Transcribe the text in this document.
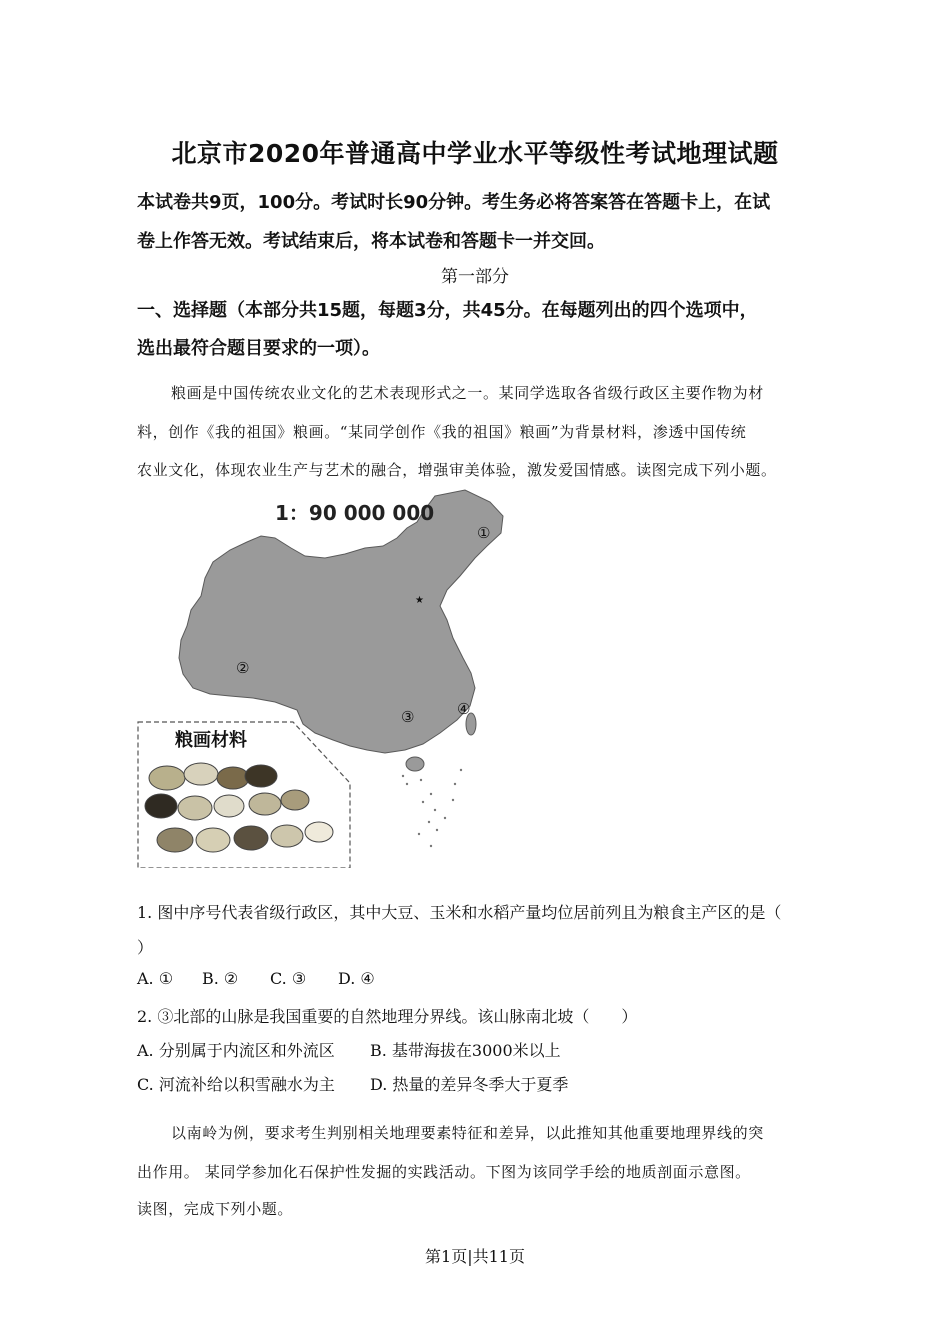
北京市2020年普通高中学业水平等级性考试地理试题
本试卷共9页，100分。考试时长90分钟。考生务必将答案答在答题卡上，在试
卷上作答无效。考试结束后，将本试卷和答题卡一并交回。
第一部分
一、选择题（本部分共15题，每题3分，共45分。在每题列出的四个选项中，
选出最符合题目要求的一项）。
粮画是中国传统农业文化的艺术表现形式之一。某同学选取各省级行政区主要作物为材
料，创作《我的祖国》粮画。“某同学创作《我的祖国》粮画”为背景材料，渗透中国传统
农业文化，体现农业生产与艺术的融合，增强审美体验，激发爱国情感。读图完成下列小题。
★
1：90 000 000
①
②
③	④
粮画材料
1. 图中序号代表省级行政区，其中大豆、玉米和水稻产量均位居前列且为粮食主产区的是（
）
A. ① B. ② C. ③ D. ④
2. ③北部的山脉是我国重要的自然地理分界线。该山脉南北坡（　　）
A. 分别属于内流区和外流区 B. 基带海拔在3000米以上
C. 河流补给以积雪融水为主 D. 热量的差异冬季大于夏季
以南岭为例，要求考生判别相关地理要素特征和差异，以此推知其他重要地理界线的突
出作用。 某同学参加化石保护性发掘的实践活动。下图为该同学手绘的地质剖面示意图。
读图，完成下列小题。
第1页|共11页
